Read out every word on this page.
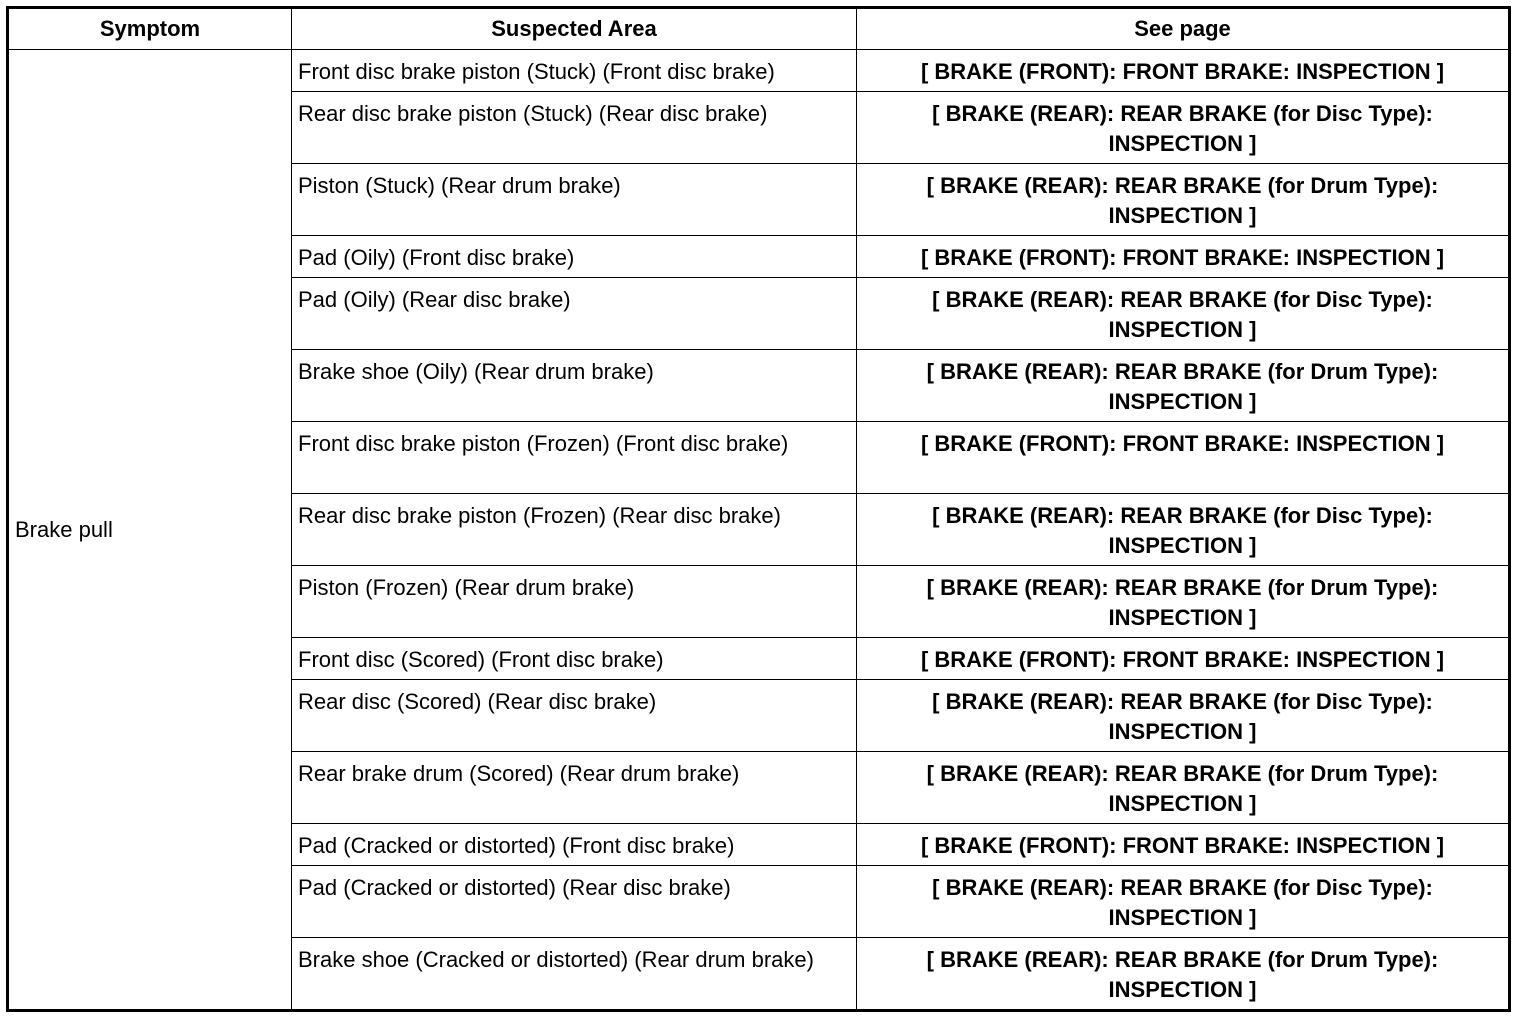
Symptom	Suspected Area	See page
Brake pull	Front disc brake piston (Stuck) (Front disc brake)	[ BRAKE (FRONT): FRONT BRAKE: INSPECTION ]
	Rear disc brake piston (Stuck) (Rear disc brake)	[ BRAKE (REAR): REAR BRAKE (for Disc Type): INSPECTION ]
	Piston (Stuck) (Rear drum brake)	[ BRAKE (REAR): REAR BRAKE (for Drum Type): INSPECTION ]
	Pad (Oily) (Front disc brake)	[ BRAKE (FRONT): FRONT BRAKE: INSPECTION ]
	Pad (Oily) (Rear disc brake)	[ BRAKE (REAR): REAR BRAKE (for Disc Type): INSPECTION ]
	Brake shoe (Oily) (Rear drum brake)	[ BRAKE (REAR): REAR BRAKE (for Drum Type): INSPECTION ]
	Front disc brake piston (Frozen) (Front disc brake)	[ BRAKE (FRONT): FRONT BRAKE: INSPECTION ]
	Rear disc brake piston (Frozen) (Rear disc brake)	[ BRAKE (REAR): REAR BRAKE (for Disc Type): INSPECTION ]
	Piston (Frozen) (Rear drum brake)	[ BRAKE (REAR): REAR BRAKE (for Drum Type): INSPECTION ]
	Front disc (Scored) (Front disc brake)	[ BRAKE (FRONT): FRONT BRAKE: INSPECTION ]
	Rear disc (Scored) (Rear disc brake)	[ BRAKE (REAR): REAR BRAKE (for Disc Type): INSPECTION ]
	Rear brake drum (Scored) (Rear drum brake)	[ BRAKE (REAR): REAR BRAKE (for Drum Type): INSPECTION ]
	Pad (Cracked or distorted) (Front disc brake)	[ BRAKE (FRONT): FRONT BRAKE: INSPECTION ]
	Pad (Cracked or distorted) (Rear disc brake)	[ BRAKE (REAR): REAR BRAKE (for Disc Type): INSPECTION ]
	Brake shoe (Cracked or distorted) (Rear drum brake)	[ BRAKE (REAR): REAR BRAKE (for Drum Type): INSPECTION ]
